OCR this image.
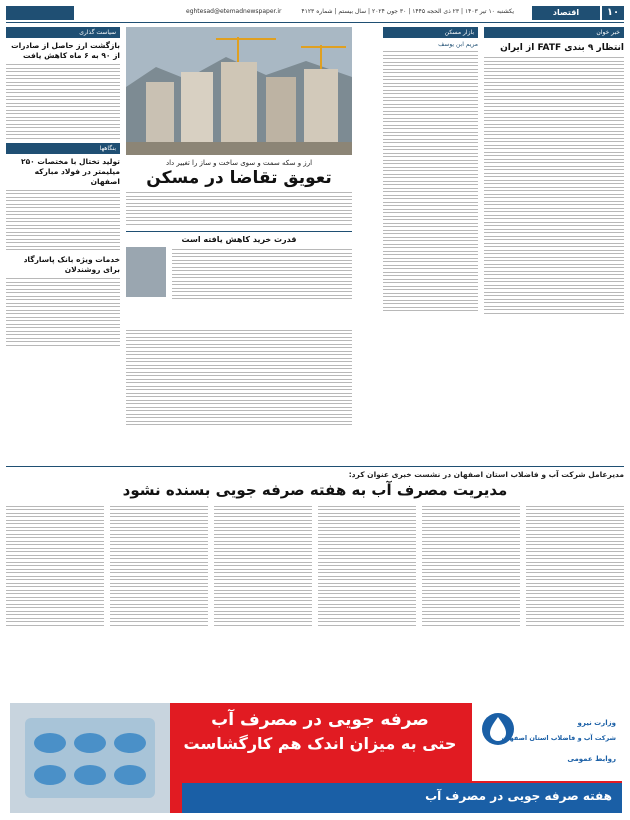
۱۰
اقتصاد
یکشنبه ۱۰ تیر ۱۴۰۳ | ۲۳ ذی الحجه ۱۴۴۵ | ۳۰ جون ۲۰۲۴ | سال بیستم | شماره ۴۱۲۳
eghtesad@etemadnewspaper.ir
خبر خوان
انتظار ۹ بندی FATF از ایران
بازار مسکن
مریم ابن یوسف
ارز و سکه سمت و سوی ساخت و ساز را تغییر داد
تعویق تقاضا در مسکن
قدرت خرید کاهش یافته است
سیاست گذاری
بازگشت ارز حاصل از صادرات از ۹۰ به ۶ ماه کاهش یافت
بنگاهها
تولید تختال با مختصات ۲۵۰ میلیمتر در فولاد مبارکه اصفهان
خدمات ویژه بانک پاسارگاد برای روشندلان
مدیرعامل شرکت آب و فاضلاب استان اصفهان در نشست خبری عنوان کرد:
مدیریت مصرف آب به هفته صرفه جویی بسنده نشود
صرفه جویی در مصرف آب
حتی به میزان اندک هم کارگشاست
وزارت نیرو
شرکت آب و فاضلاب استان اصفهان
روابط عمومی
هفته صرفه جویی در مصرف آب
